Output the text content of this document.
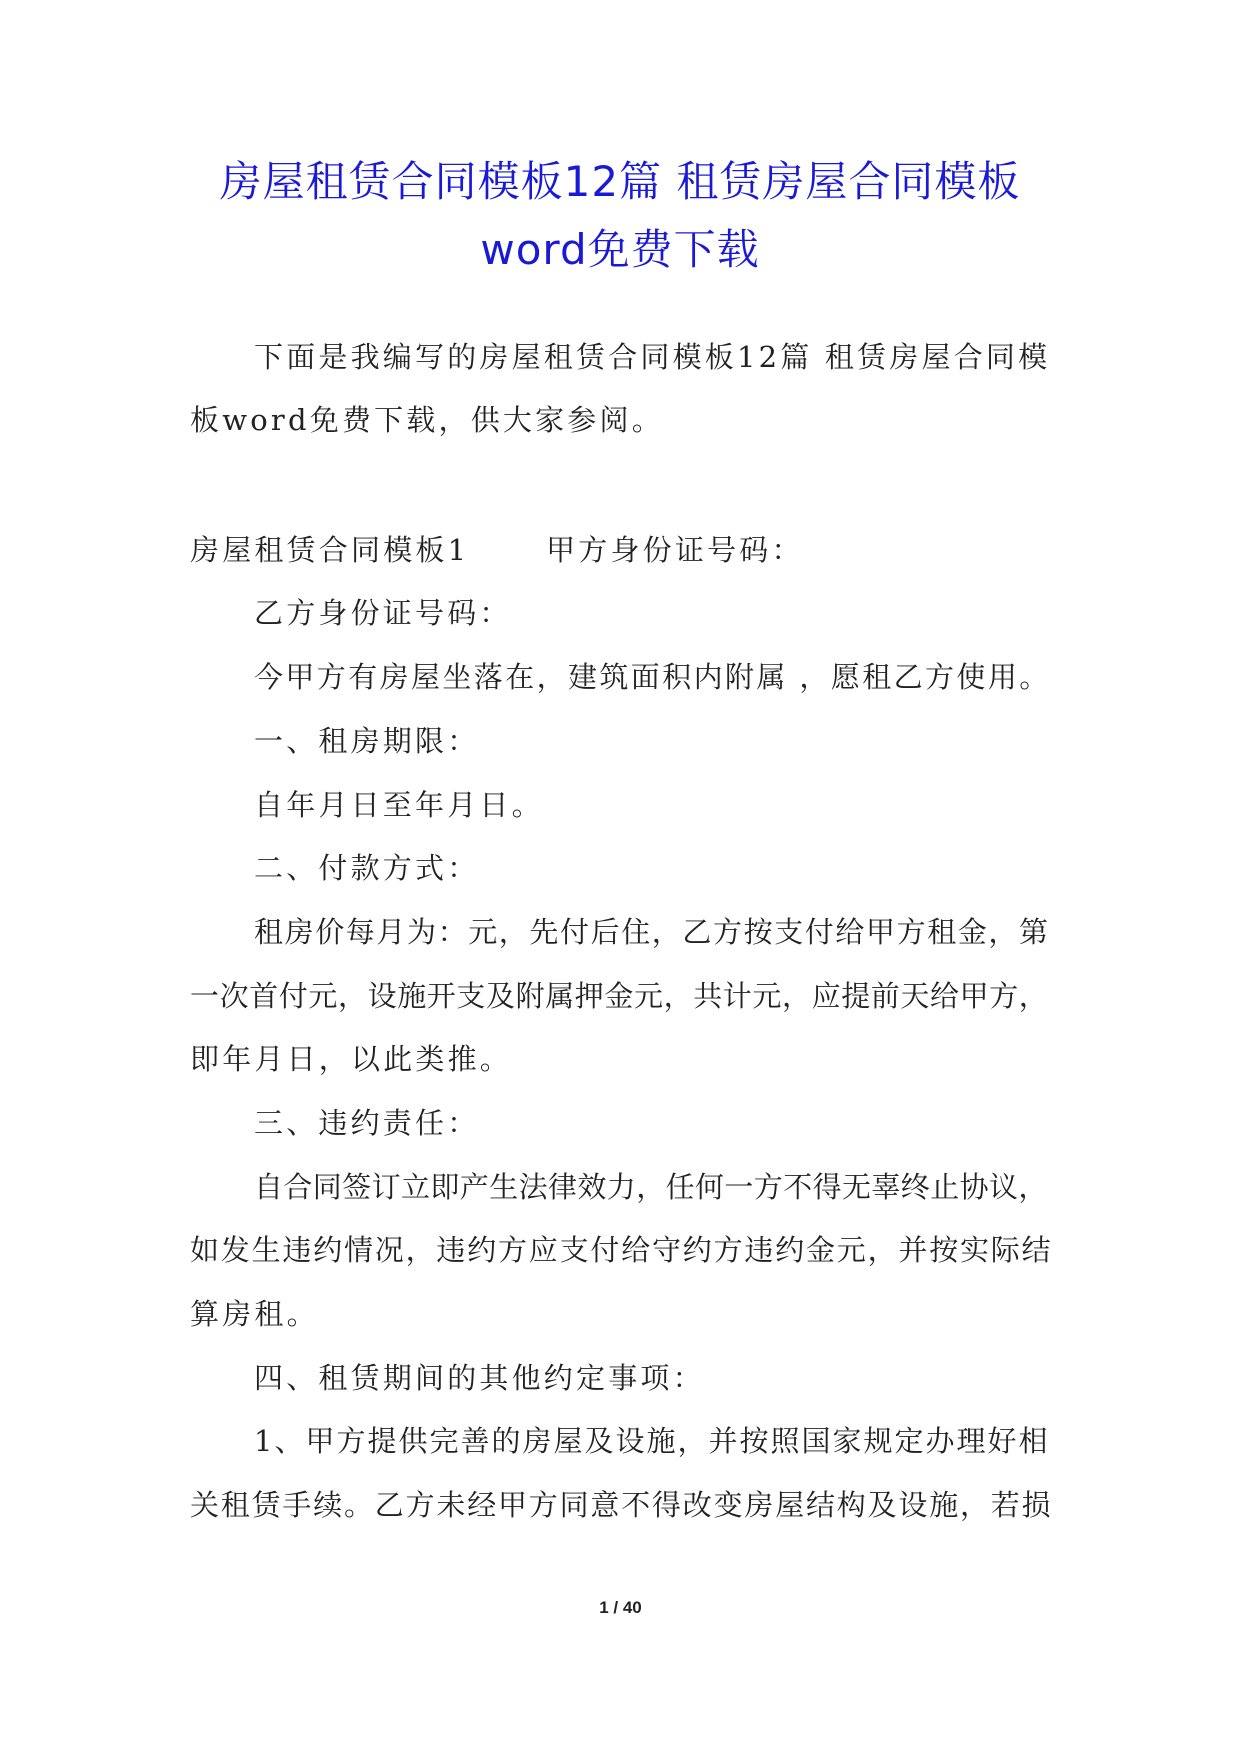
房屋租赁合同模板12篇 租赁房屋合同模板
word免费下载
下面是我编写的房屋租赁合同模板12篇 租赁房屋合同模
板word免费下载，供大家参阅。
房屋租赁合同模板1　　 甲方身份证号码：
乙方身份证号码：
今甲方有房屋坐落在，建筑面积内附属 ，愿租乙方使用。
一、租房期限：
自年月日至年月日。
二、付款方式：
租房价每月为：元，先付后住，乙方按支付给甲方租金，第
一次首付元，设施开支及附属押金元，共计元，应提前天给甲方，
即年月日，以此类推。
三、违约责任：
自合同签订立即产生法律效力，任何一方不得无辜终止协议，
如发生违约情况，违约方应支付给守约方违约金元，并按实际结
算房租。
四、租赁期间的其他约定事项：
1、甲方提供完善的房屋及设施，并按照国家规定办理好相
关租赁手续。乙方未经甲方同意不得改变房屋结构及设施，若损
1 / 40
